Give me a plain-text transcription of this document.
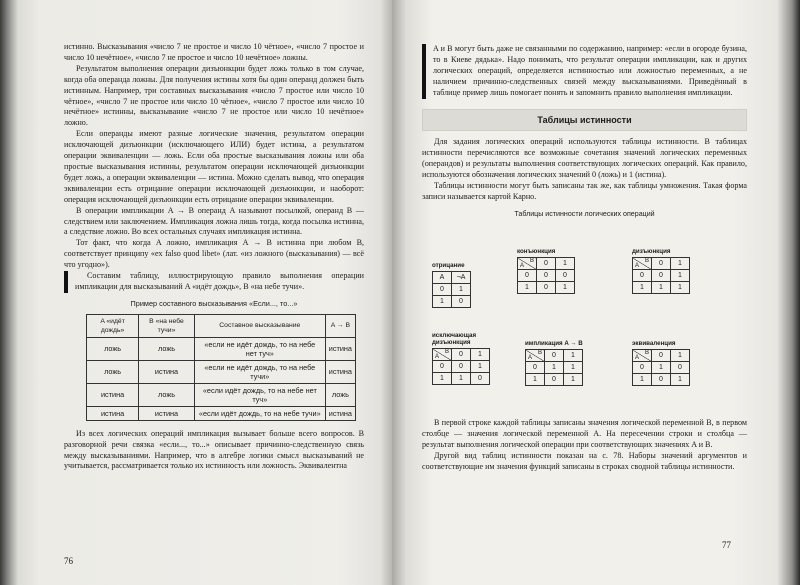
истинно. Высказывания «число 7 не простое и число 10 чётное», «число 7 простое и число 10 нечётное», «число 7 не простое и число 10 нечётное» ложны.

Результатом выполнения операции дизъюнкции будет ложь только в том случае, когда оба операнда ложны. Для получения истины хотя бы один операнд должен быть истинным. Например, три составных высказывания «число 7 простое или число 10 чётное», «число 7 не простое или число 10 чётное», «число 7 простое или число 10 нечётное» истинны, высказывание «число 7 не простое или число 10 нечётное» ложно.

Если операнды имеют разные логические значения, результатом операции исключающей дизъюнкции (исключающего ИЛИ) будет истина, а результатом операции эквиваленции — ложь. Если оба простые высказывания ложны или оба простые высказывания истинны, результатом операции исключающей дизъюнкции будет ложь, а операции эквиваленции — истина. Можно сделать вывод, что операция эквиваленции есть отрицание операции исключающей дизъюнкции, и наоборот: операция исключающей дизъюнкции есть отрицание операции эквиваленции.

В операции импликации A → B операнд A называют посылкой, операнд B — следствием или заключением. Импликация ложна лишь тогда, когда посылка истинна, а следствие ложно. Во всех остальных случаях импликация истинна.

Тот факт, что когда A ложно, импликация A → B истинна при любом B, соответствует принципу «ex falso quod libet» (лат. «из ложного (высказывания) — всё что угодно»).

Составим таблицу, иллюстрирующую правило выполнения операции импликации для высказываний A «идёт дождь», B «на небе тучи».

Пример составного высказывания «Если..., то...»
A «идёт дождь»	B «на небе тучи»	Составное высказывание	A → B
ложь	ложь	«если не идёт дождь, то на небе нет туч»	истина
ложь	истина	«если не идёт дождь, то на небе тучи»	истина
истина	ложь	«если идёт дождь, то на небе нет туч»	ложь
истина	истина	«если идёт дождь, то на небе тучи»	истина

Из всех логических операций импликация вызывает больше всего вопросов. В разговорной речи связка «если..., то...» описывает причинно-следственную связь между высказываниями. Например, что в алгебре логики смысл высказываний не учитывается, рассматривается только их истинность или ложность. Эквивалентна

76

A и B могут быть даже не связанными по содержанию, например: «если в огороде бузина, то в Киеве дядька». Надо понимать, что результат операции импликации, как и других логических операций, определяется истинностью или ложностью переменных, а не наличием причинно-следственных связей между высказываниями. Приведённый в таблице пример лишь помогает понять и запомнить правило выполнения импликации.

Таблицы истинности

Для задания логических операций используются таблицы истинности. В таблицах истинности перечисляются все возможные сочетания значений логических переменных (операндов) и результаты выполнения соответствующих логических операций. Как правило, используются обозначения логических значений 0 (ложь) и 1 (истина).

Таблицы истинности могут быть записаны так же, как таблицы умножения. Такая форма записи называется картой Карно.

Таблицы истинности логических операций
отрицание
A	¬A
0	1
1	0
конъюнкция
B
A	0	1
0	0	0
1	0	1
дизъюнкция
B
A	0	1
0	0	1
1	1	1
исключающая дизъюнкция
B
A	0	1
0	0	1
1	1	0
импликация A → B
B
A	0	1
0	1	1
1	0	1
эквиваленция
B
A	0	1
0	1	0
1	0	1

В первой строке каждой таблицы записаны значения логической переменной B, в первом столбце — значения логической переменной A. На пересечении строки и столбца — результат выполнения логической операции при соответствующих значениях A и B.

Другой вид таблиц истинности показан на с. 78. Наборы значений аргументов и соответствующие им значения функций записаны в строках сводной таблицы истинности.

77
